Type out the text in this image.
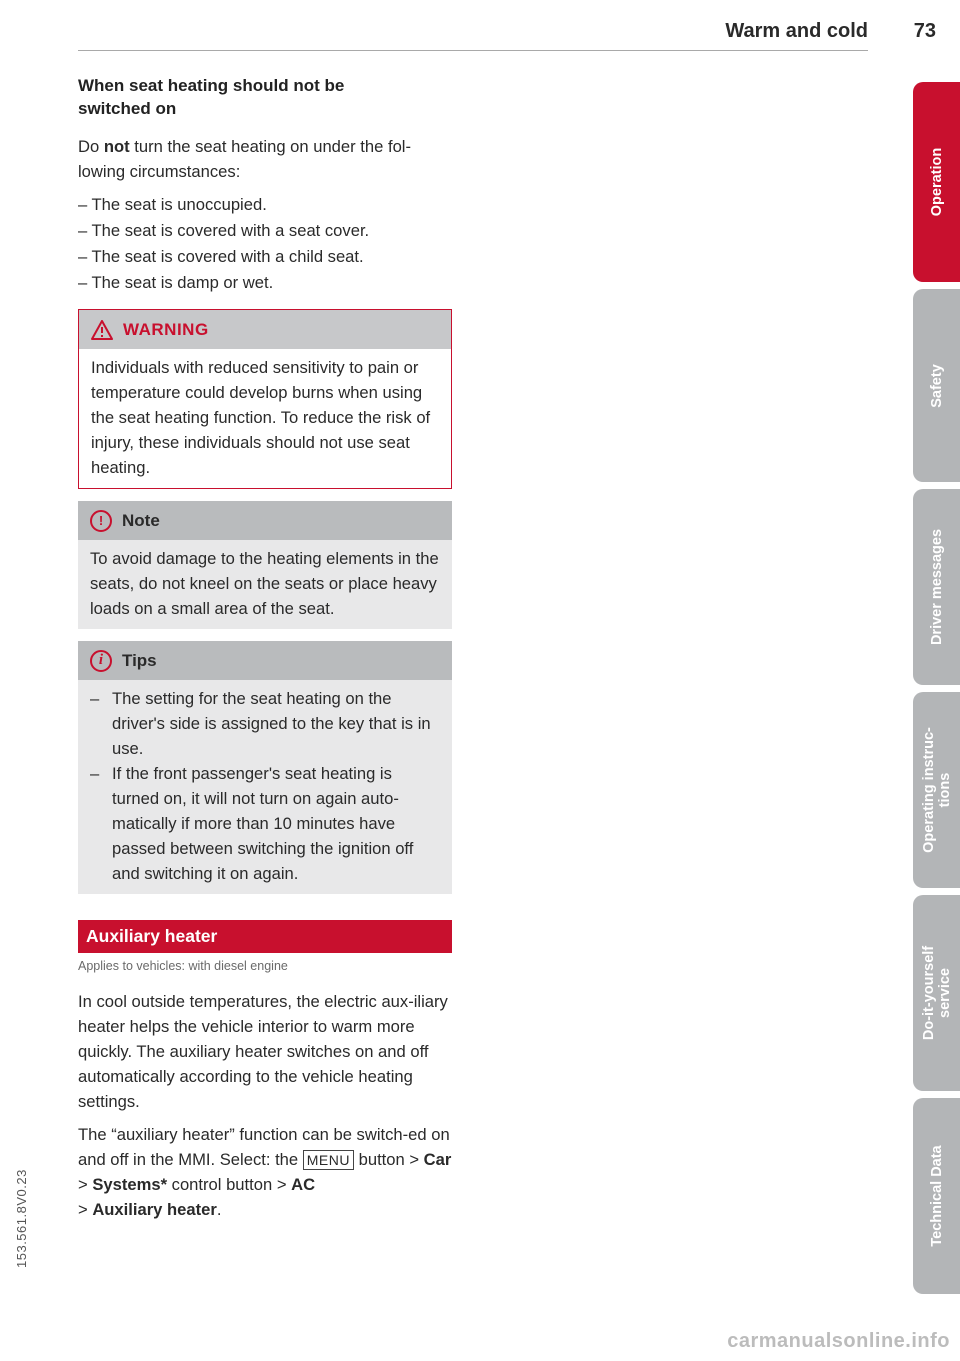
Warm and cold 73
When seat heating should not be
switched on

Do not turn the seat heating on under the fol-lowing circumstances:

– The seat is unoccupied.
– The seat is covered with a seat cover.
– The seat is covered with a child seat.
– The seat is damp or wet.
WARNING
Individuals with reduced sensitivity to pain or temperature could develop burns when using the seat heating function. To reduce the risk of injury, these individuals should not use seat heating.
!	Note
To avoid damage to the heating elements in the seats, do not kneel on the seats or place heavy loads on a small area of the seat.
i	Tips
– The setting for the seat heating on the driver's side is assigned to the key that is in use.
– If the front passenger's seat heating is turned on, it will not turn on again auto-matically if more than 10 minutes have passed between switching the ignition off and switching it on again.
Auxiliary heater
Applies to vehicles: with diesel engine

In cool outside temperatures, the electric aux-iliary heater helps the vehicle interior to warm more quickly. The auxiliary heater switches on and off automatically according to the vehicle heating settings.

The “auxiliary heater” function can be switch-ed on and off in the MMI. Select: the MENU button > Car > Systems* control button > AC
> Auxiliary heater.

Operation
Safety
Driver messages
Operating instruc-
tions
Do-it-yourself
service
Technical Data
153.561.8V0.23
carmanualsonline.info
